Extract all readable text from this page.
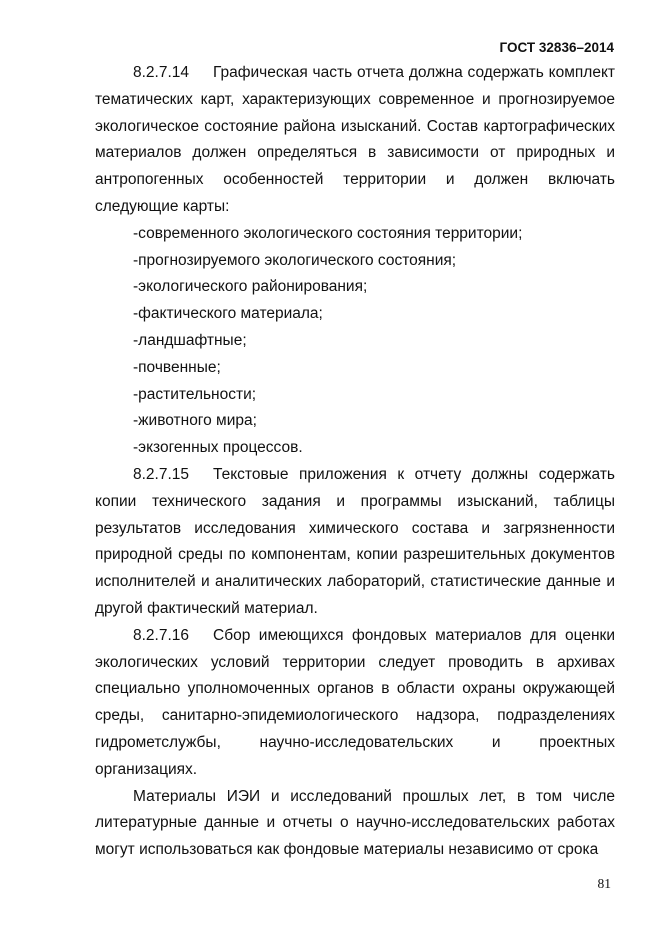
ГОСТ 32836–2014

8.2.7.14 Графическая часть отчета должна содержать комплект тематических карт, характеризующих современное и прогнозируемое экологическое состояние района изысканий. Состав картографических материалов должен определяться в зависимости от природных и антропогенных особенностей территории и должен включать следующие карты:

-современного экологического состояния территории;

-прогнозируемого экологического состояния;

-экологического районирования;

-фактического материала;

-ландшафтные;

-почвенные;

-растительности;

-животного мира;

-экзогенных процессов.

8.2.7.15 Текстовые приложения к отчету должны содержать копии технического задания и программы изысканий, таблицы результатов исследования химического состава и загрязненности природной среды по компонентам, копии разрешительных документов исполнителей и аналитических лабораторий, статистические данные и другой фактический материал.

8.2.7.16 Сбор имеющихся фондовых материалов для оценки экологических условий территории следует проводить в архивах специально уполномоченных органов в области охраны окружающей среды, санитарно-эпидемиологического надзора, подразделениях гидрометслужбы, научно-исследовательских и проектных организациях.

Материалы ИЭИ и исследований прошлых лет, в том числе литературные данные и отчеты о научно-исследовательских работах могут использоваться как фондовые материалы независимо от срока

81
